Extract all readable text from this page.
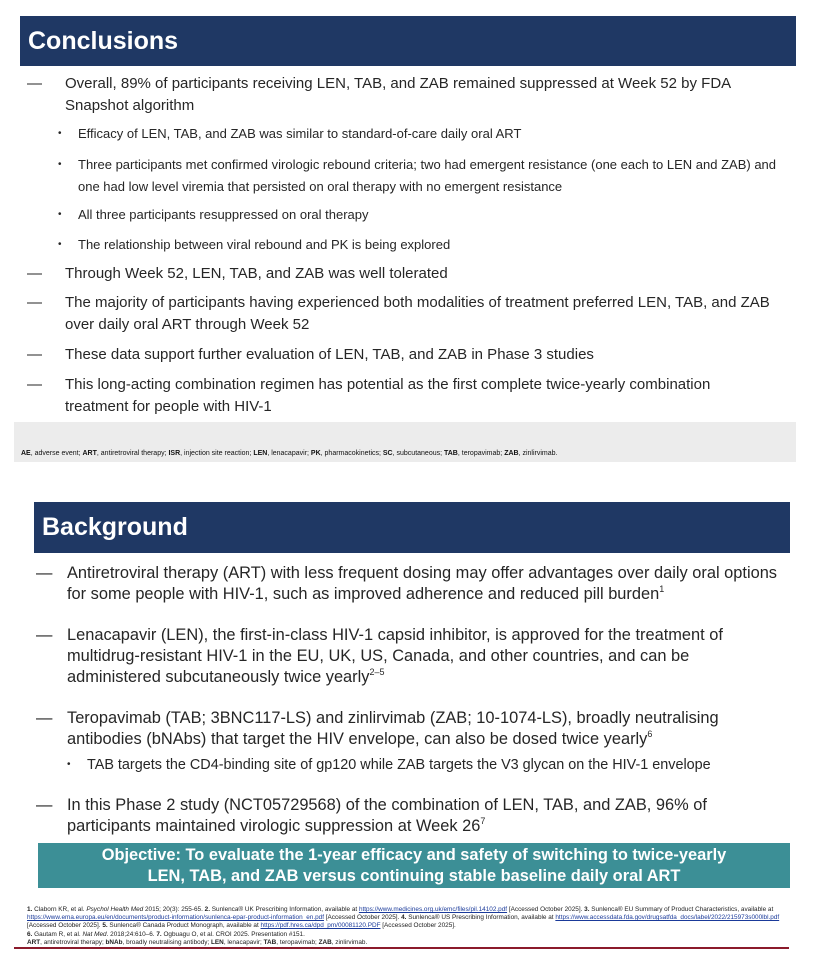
Conclusions
— Overall, 89% of participants receiving LEN, TAB, and ZAB remained suppressed at Week 52 by FDA Snapshot algorithm
• Efficacy of LEN, TAB, and ZAB was similar to standard-of-care daily oral ART
• Three participants met confirmed virologic rebound criteria; two had emergent resistance (one each to LEN and ZAB) and one had low level viremia that persisted on oral therapy with no emergent resistance
• All three participants resuppressed on oral therapy
• The relationship between viral rebound and PK is being explored
— Through Week 52, LEN, TAB, and ZAB was well tolerated
— The majority of participants having experienced both modalities of treatment preferred LEN, TAB, and ZAB over daily oral ART through Week 52
— These data support further evaluation of LEN, TAB, and ZAB in Phase 3 studies
— This long-acting combination regimen has potential as the first complete twice-yearly combination treatment for people with HIV-1
AE, adverse event; ART, antiretroviral therapy; ISR, injection site reaction; LEN, lenacapavir; PK, pharmacokinetics; SC, subcutaneous; TAB, teropavimab; ZAB, zinlirvimab.
Background
— Antiretroviral therapy (ART) with less frequent dosing may offer advantages over daily oral options for some people with HIV-1, such as improved adherence and reduced pill burden$^1$
— Lenacapavir (LEN), the first-in-class HIV-1 capsid inhibitor, is approved for the treatment of multidrug-resistant HIV-1 in the EU, UK, US, Canada, and other countries, and can be administered subcutaneously twice yearly$^{2-5}$
— Teropavimab (TAB; 3BNC117-LS) and zinlirvimab (ZAB; 10-1074-LS), broadly neutralising antibodies (bNAbs) that target the HIV envelope, can also be dosed twice yearly$^6$
• TAB targets the CD4-binding site of gp120 while ZAB targets the V3 glycan on the HIV-1 envelope
— In this Phase 2 study (NCT05729568) of the combination of LEN, TAB, and ZAB, 96% of participants maintained virologic suppression at Week $26^7$
Objective: To evaluate the 1-year efficacy and safety of switching to twice-yearly
LEN, TAB, and ZAB versus continuing stable baseline daily oral ART
1. Claborn KR, et al. Psychol Health Med 2015; 20(3): 255-65. 2. Sunlenca® UK Prescribing Information, available at https://www.medicines.org.uk/emc/files/pil.14102.pdf [Accessed October 2025]. 3. Sunlenca® EU Summary of Product Characteristics, available at https://www.ema.europa.eu/en/documents/product-information/sunlenca-epar-product-information_en.pdf [Accessed October 2025]. 4. Sunlenca® US Prescribing Information, available at https://www.accessdata.fda.gov/drugsatfda_docs/label/2022/215973s000lbl.pdf [Accessed October 2025]. 5. Sunlenca® Canada Product Monograph, available at https://pdf.hres.ca/dpd_pm/00081120.PDF [Accessed October 2025].
6. Gautam R, et al. Nat Med. 2018;24:610–6. 7. Ogbuagu O, et al. CROI 2025. Presentation #151.
ART, antiretroviral therapy; bNAb, broadly neutralising antibody; LEN, lenacapavir; TAB, teropavimab; ZAB, zinlirvimab.
